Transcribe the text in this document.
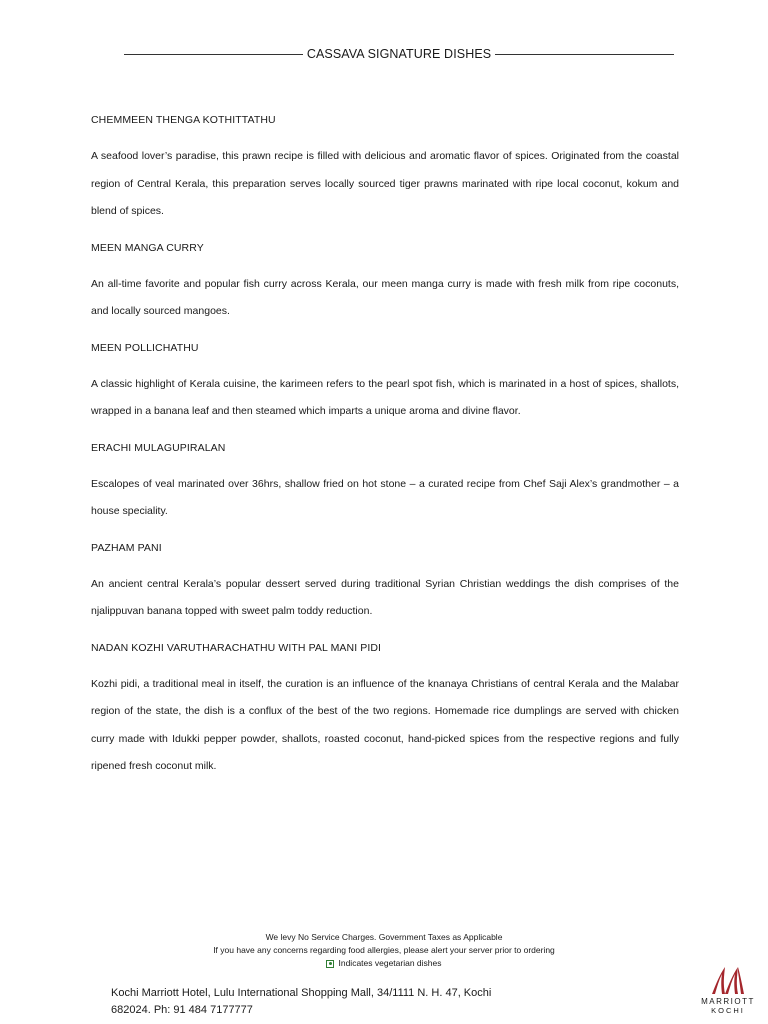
CASSAVA SIGNATURE DISHES
CHEMMEEN THENGA KOTHITTATHU

A seafood lover’s paradise, this prawn recipe is filled with delicious and aromatic flavor of spices. Originated from the coastal region of Central Kerala, this preparation serves locally sourced tiger prawns marinated with ripe local coconut, kokum and blend of spices.

MEEN MANGA CURRY

An all-time favorite and popular fish curry across Kerala, our meen manga curry is made with fresh milk from ripe coconuts, and locally sourced mangoes.

MEEN POLLICHATHU

A classic highlight of Kerala cuisine, the karimeen refers to the pearl spot fish, which is marinated in a host of spices, shallots, wrapped in a banana leaf and then steamed which imparts a unique aroma and divine flavor.

ERACHI MULAGUPIRALAN

Escalopes of veal marinated over 36hrs, shallow fried on hot stone – a curated recipe from Chef Saji Alex’s grandmother – a house speciality.

PAZHAM PANI

An ancient central Kerala’s popular dessert served during traditional Syrian Christian weddings the dish comprises of the njalippuvan banana topped with sweet palm toddy reduction.

NADAN KOZHI VARUTHARACHATHU WITH PAL MANI PIDI

Kozhi pidi, a traditional meal in itself, the curation is an influence of the knanaya Christians of central Kerala and the Malabar region of the state, the dish is a conflux of the best of the two regions. Homemade rice dumplings are served with chicken curry made with Idukki pepper powder, shallots, roasted coconut, hand-picked spices from the respective regions and fully ripened fresh coconut milk.

We levy No Service Charges. Government Taxes as Applicable
If you have any concerns regarding food allergies, please alert your server prior to ordering
Indicates vegetarian dishes
Kochi Marriott Hotel, Lulu International Shopping Mall, 34/1111 N. H. 47, Kochi
682024. Ph: 91 484 7177777
MARRIOTT
KOCHI
